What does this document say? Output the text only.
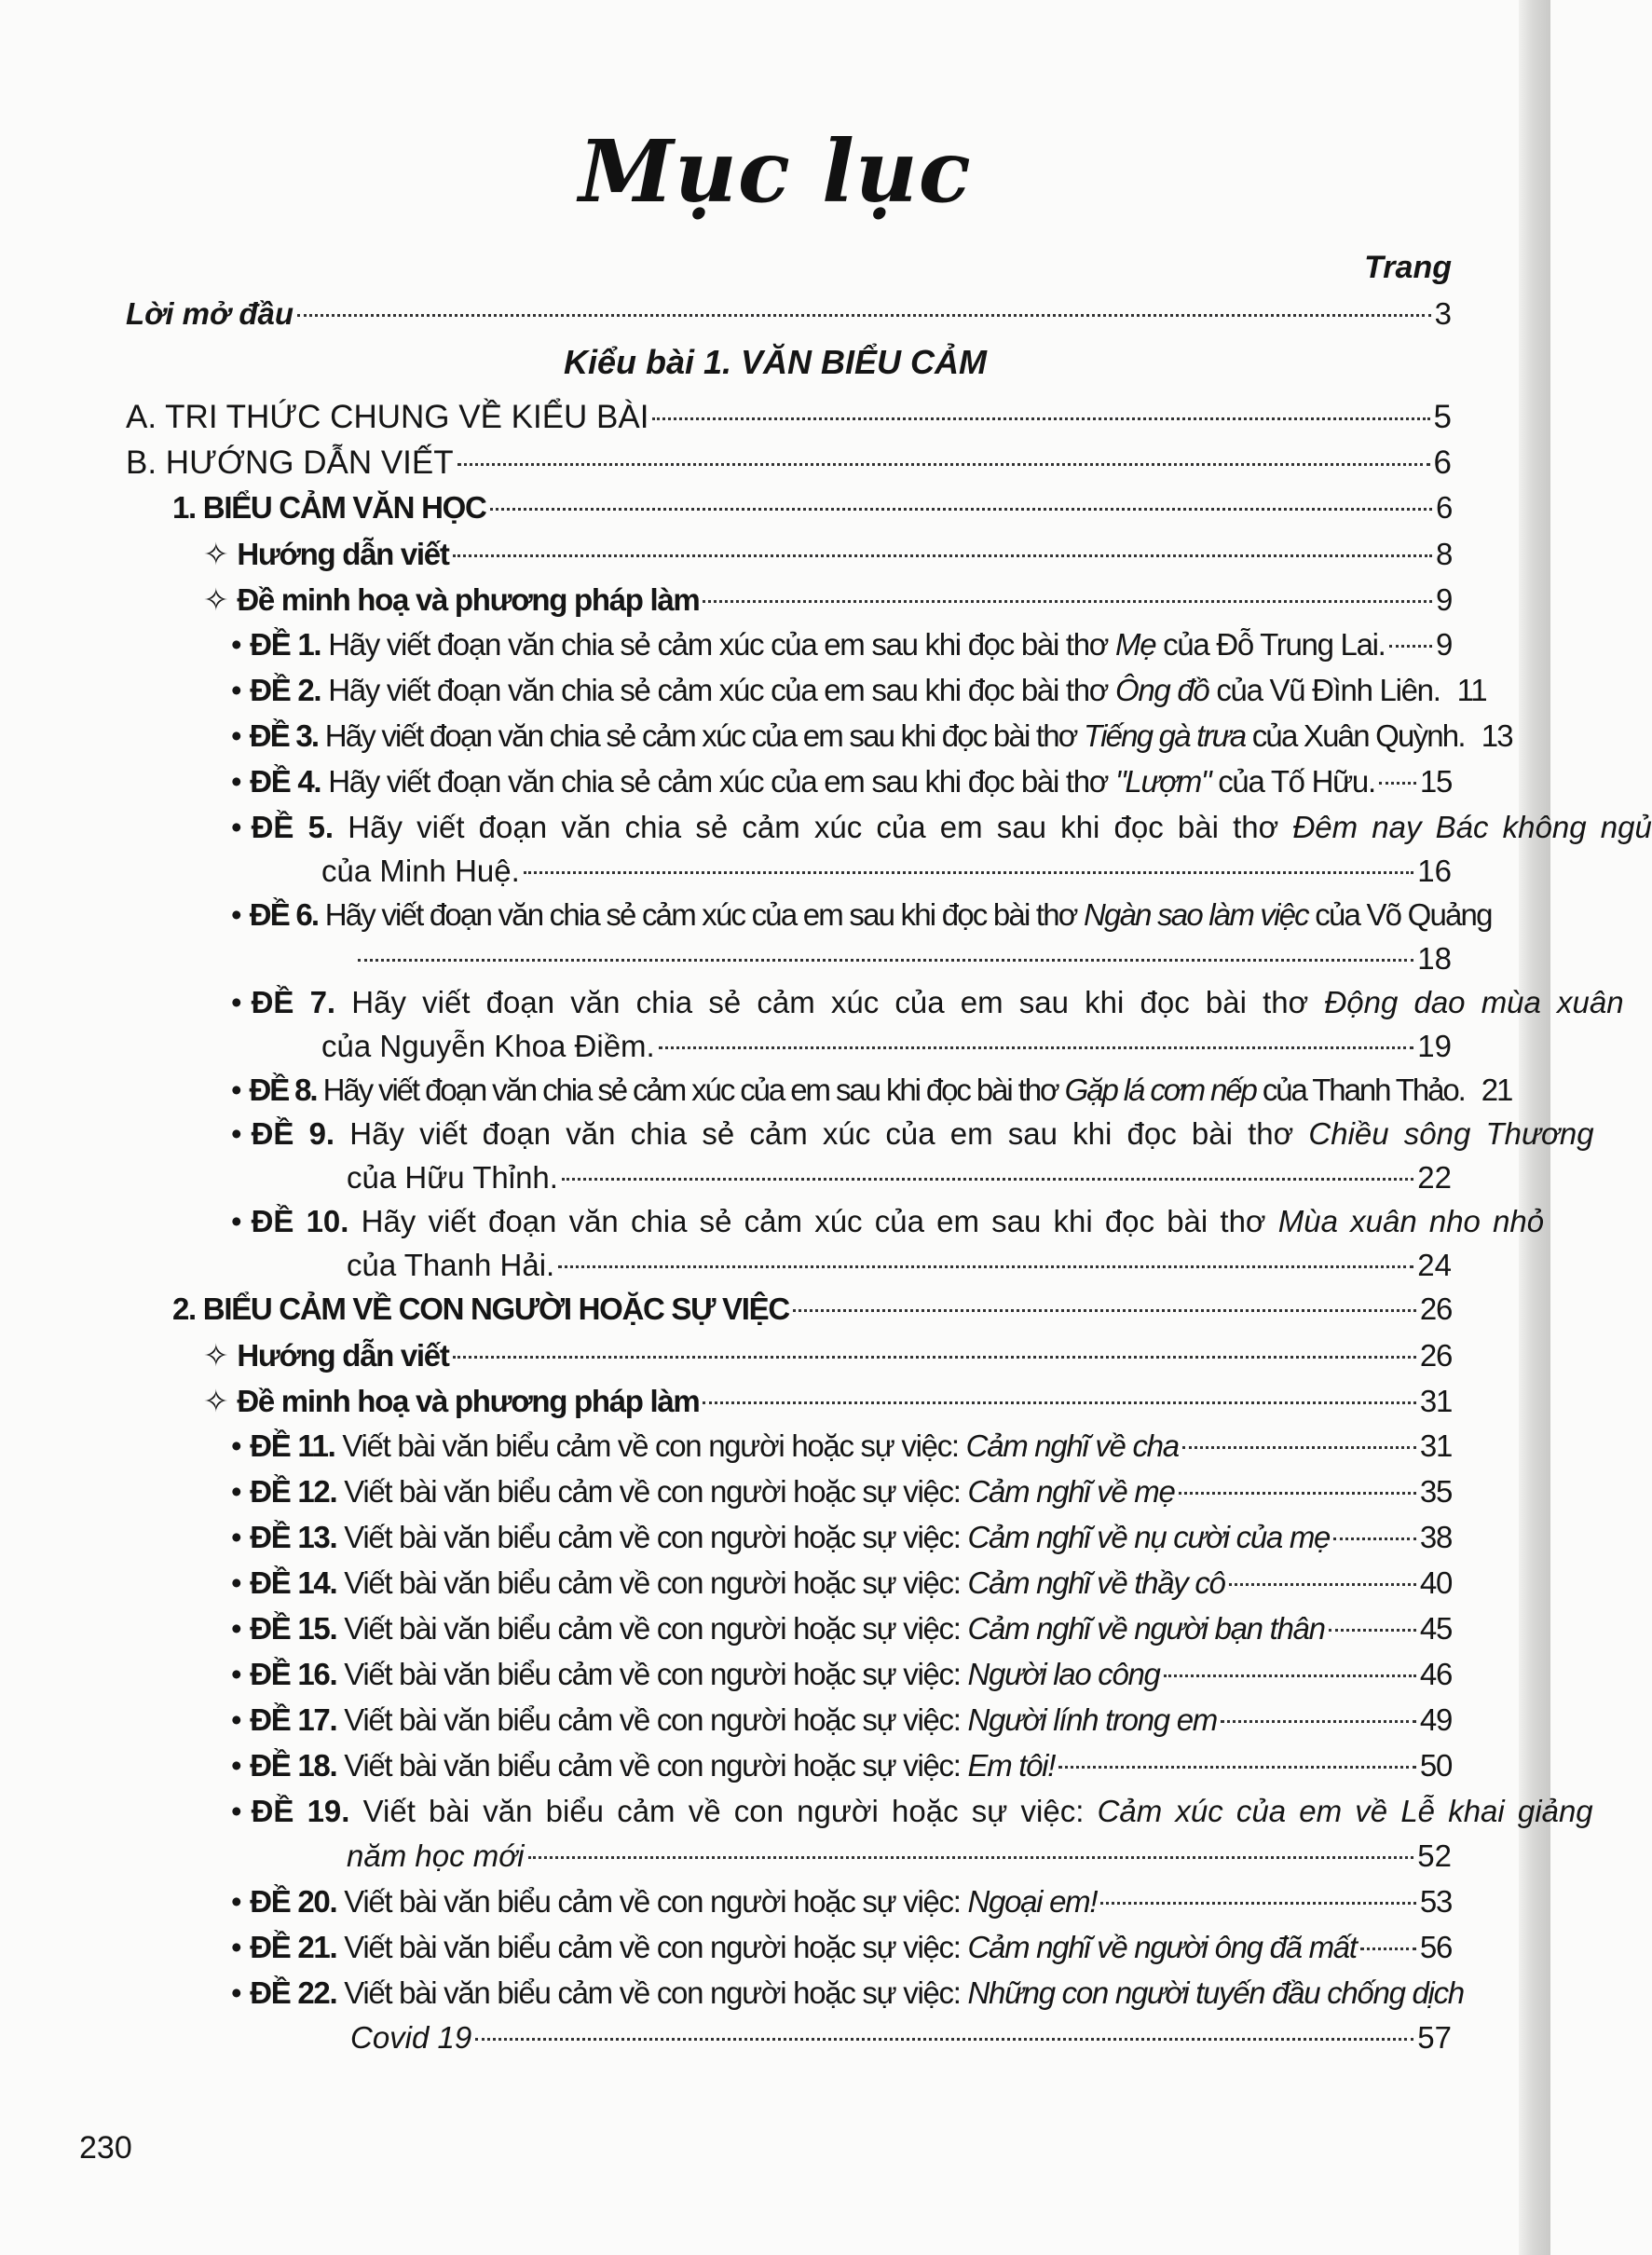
Mục lục
Trang
Lời mở đầu	3
Kiểu bài 1. VĂN BIỂU CẢM
A. TRI THỨC CHUNG VỀ KIỂU BÀI	5
B. HƯỚNG DẪN VIẾT	6
1. BIỂU CẢM VĂN HỌC	6
✧ Hướng dẫn viết	8
✧ Đề minh hoạ và phương pháp làm	9
• ĐỀ 1.
Hãy viết đoạn văn chia sẻ cảm xúc của em sau khi đọc bài thơ
Mẹ
của Đỗ Trung Lai. 9
• ĐỀ 2.
Hãy viết đoạn văn chia sẻ cảm xúc của em sau khi đọc bài thơ
Ông đồ
của Vũ Đình Liên. 11
• ĐỀ 3.
Hãy viết đoạn văn chia sẻ cảm xúc của em sau khi đọc bài thơ
Tiếng gà trưa
của Xuân Quỳnh. 13
• ĐỀ 4.
Hãy viết đoạn văn chia sẻ cảm xúc của em sau khi đọc bài thơ
"Lượm"
của Tố Hữu. 15
• ĐỀ 5.
Hãy viết đoạn văn chia sẻ cảm xúc của em sau khi đọc bài thơ
Đêm nay Bác không ngủ
của Minh Huệ.	16
• ĐỀ 6.
Hãy viết đoạn văn chia sẻ cảm xúc của em sau khi đọc bài thơ
Ngàn sao làm việc
của Võ Quảng
18
• ĐỀ 7.
Hãy viết đoạn văn chia sẻ cảm xúc của em sau khi đọc bài thơ
Động dao mùa xuân
của Nguyễn Khoa Điềm.	19
• ĐỀ 8.
Hãy viết đoạn văn chia sẻ cảm xúc của em sau khi đọc bài thơ
Gặp lá cơm nếp
của Thanh Thảo. 21
• ĐỀ 9.
Hãy viết đoạn văn chia sẻ cảm xúc của em sau khi đọc bài thơ
Chiều sông Thương
của Hữu Thỉnh.	22
• ĐỀ 10.
Hãy viết đoạn văn chia sẻ cảm xúc của em sau khi đọc bài thơ
Mùa xuân nho nhỏ
của Thanh Hải.	24
2. BIỂU CẢM VỀ CON NGƯỜI HOẶC SỰ VIỆC	26
✧ Hướng dẫn viết	26
✧ Đề minh hoạ và phương pháp làm	31
• ĐỀ 11.
Viết bài văn biểu cảm về con người hoặc sự việc:
Cảm nghĩ về cha	31
• ĐỀ 12.
Viết bài văn biểu cảm về con người hoặc sự việc:
Cảm nghĩ về mẹ	35
• ĐỀ 13.
Viết bài văn biểu cảm về con người hoặc sự việc:
Cảm nghĩ về nụ cười của mẹ	38
• ĐỀ 14.
Viết bài văn biểu cảm về con người hoặc sự việc:
Cảm nghĩ về thầy cô	40
• ĐỀ 15.
Viết bài văn biểu cảm về con người hoặc sự việc:
Cảm nghĩ về người bạn thân	45
• ĐỀ 16.
Viết bài văn biểu cảm về con người hoặc sự việc:
Người lao công	46
• ĐỀ 17.
Viết bài văn biểu cảm về con người hoặc sự việc:
Người lính trong em	49
• ĐỀ 18.
Viết bài văn biểu cảm về con người hoặc sự việc:
Em tôi!	50
• ĐỀ 19.
Viết bài văn biểu cảm về con người hoặc sự việc:
Cảm xúc của em về Lễ khai giảng
năm học mới	52
• ĐỀ 20.
Viết bài văn biểu cảm về con người hoặc sự việc:
Ngoại em!	53
• ĐỀ 21.
Viết bài văn biểu cảm về con người hoặc sự việc:
Cảm nghĩ về người ông đã mất 56
• ĐỀ 22.
Viết bài văn biểu cảm về con người hoặc sự việc:
Những con người tuyến đầu chống dịch
Covid 19	57
230
